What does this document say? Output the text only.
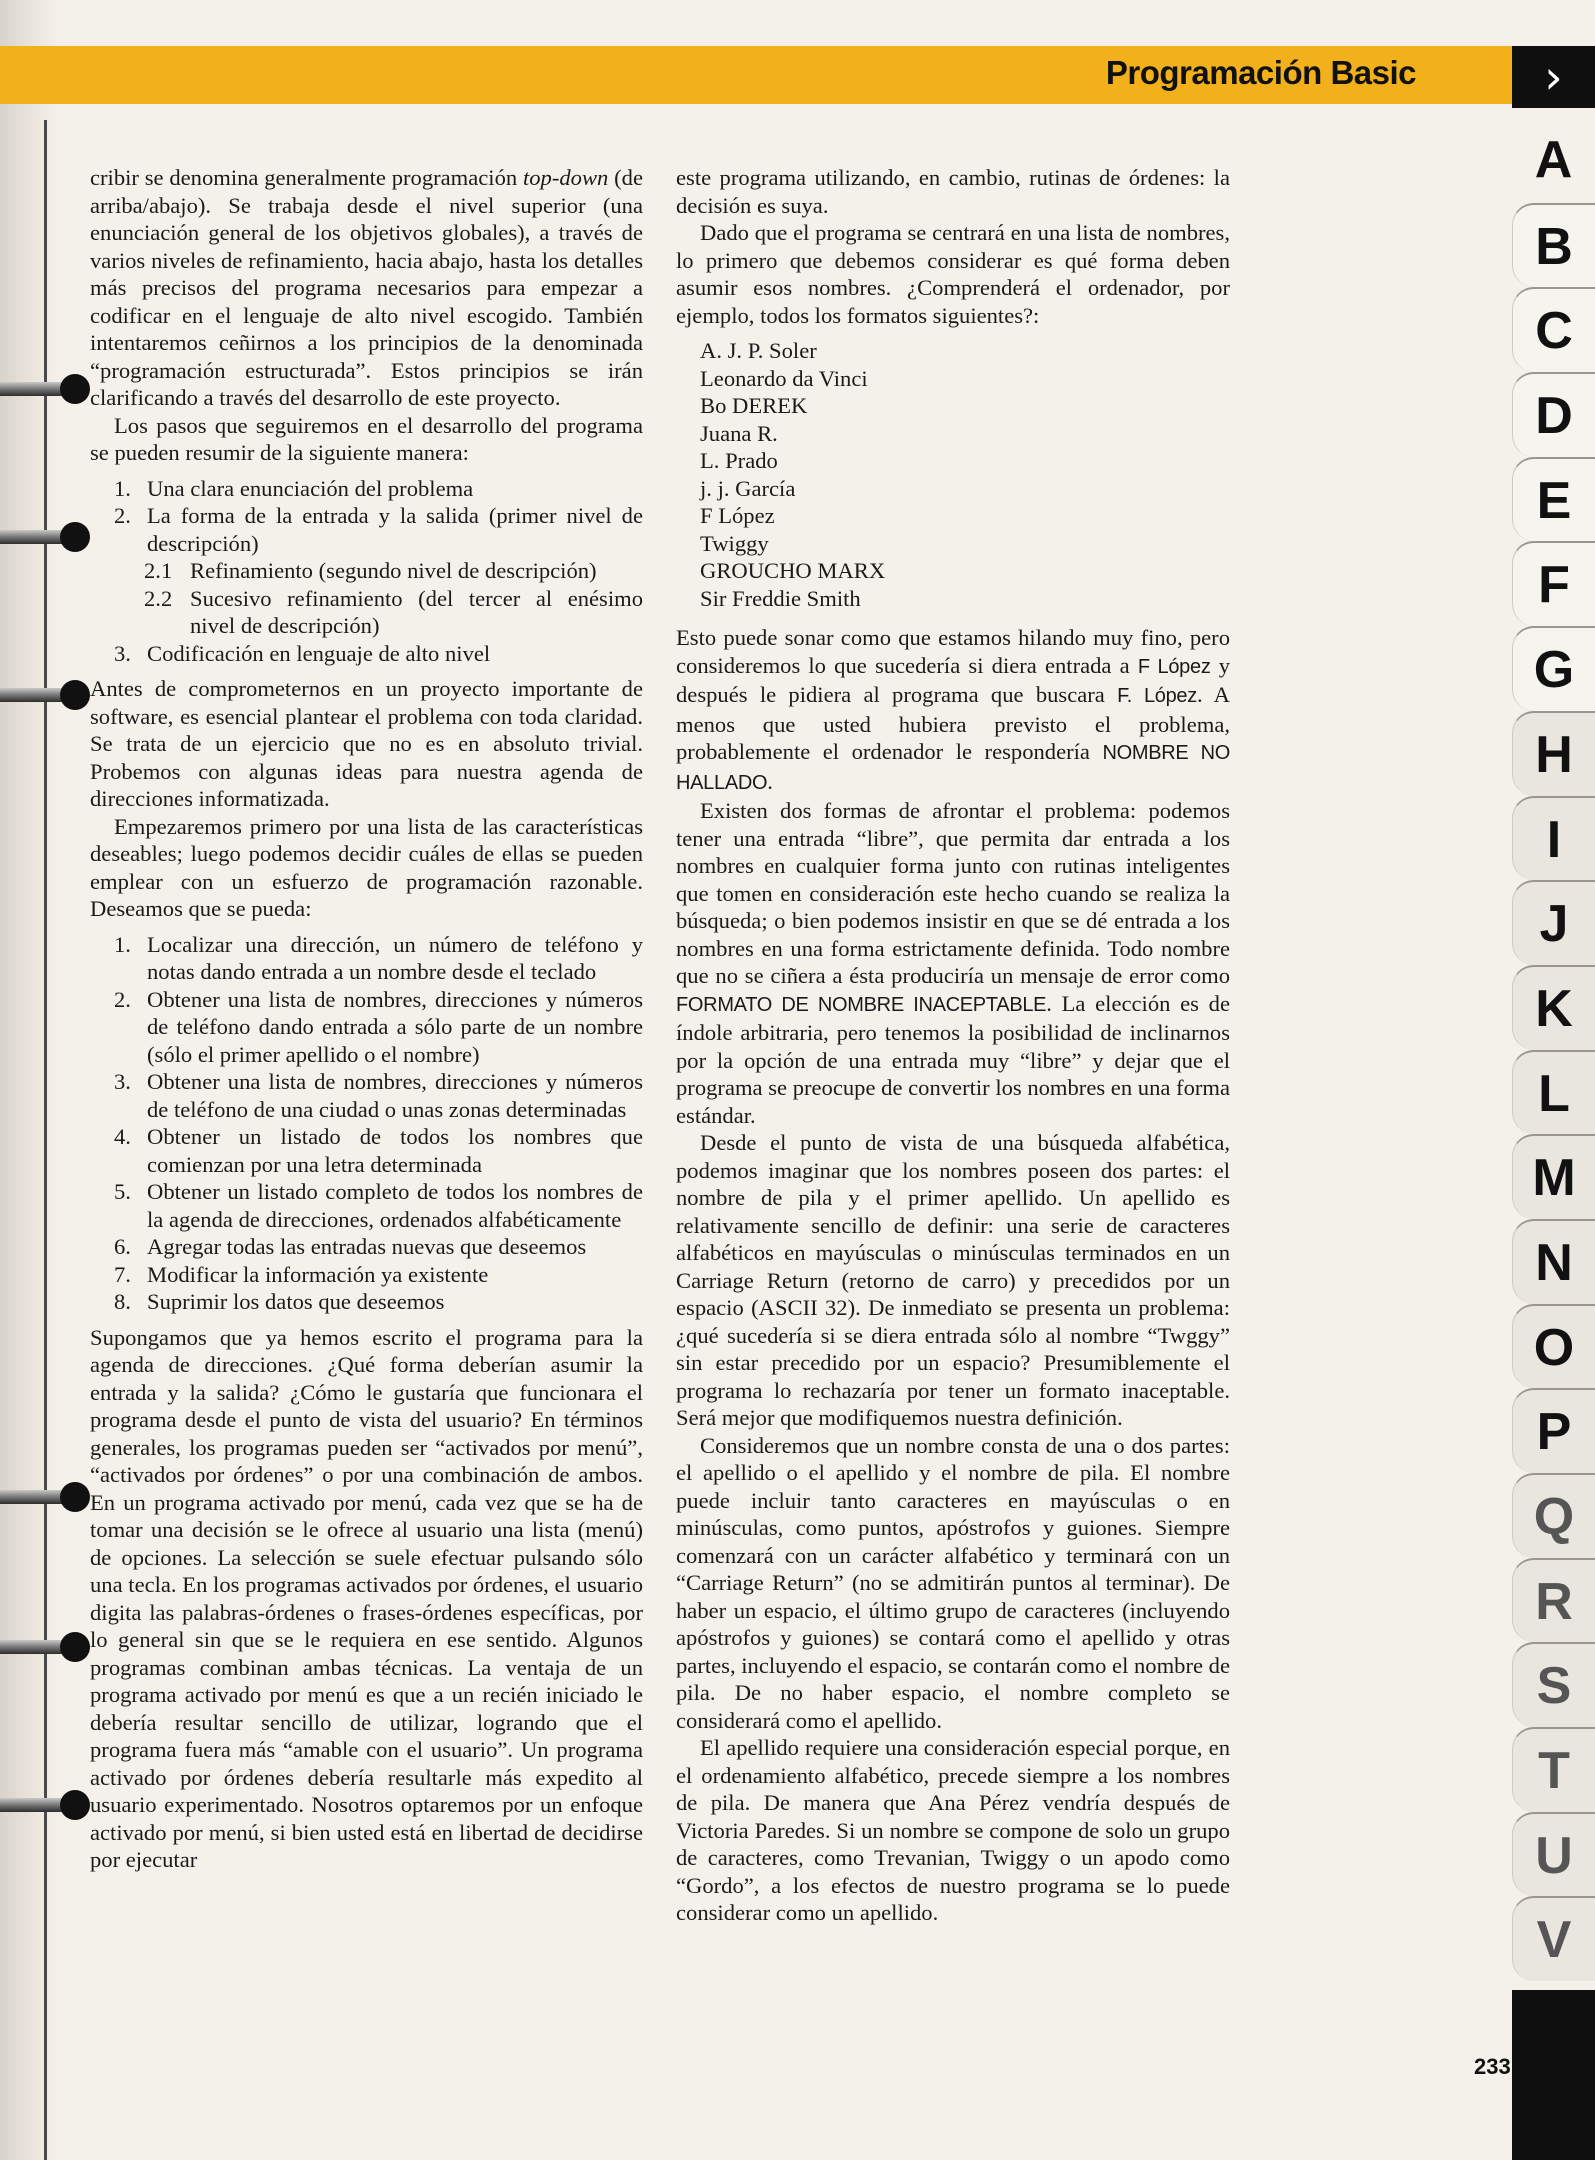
Programación Basic	›
A
B
C
D
E
F
G
H
I
J
K
L
M
N
O
P
Q
R
S
T
U
V
233

cribir se denomina generalmente programación top-down (de arriba/abajo). Se trabaja desde el nivel superior (una enunciación general de los objetivos globales), a través de varios niveles de refinamiento, hacia abajo, hasta los detalles más precisos del programa necesarios para empezar a codificar en el lenguaje de alto nivel escogido. También intentaremos ceñirnos a los principios de la denominada “programación estructurada”. Estos principios se irán clarificando a través del desarrollo de este proyecto.

Los pasos que seguiremos en el desarrollo del programa se pueden resumir de la siguiente manera:

1. Una clara enunciación del problema
2. La forma de la entrada y la salida (primer nivel de descripción)
2.1 Refinamiento (segundo nivel de descripción)
2.2 Sucesivo refinamiento (del tercer al enésimo nivel de descripción)
3. Codificación en lenguaje de alto nivel

Antes de comprometernos en un proyecto importante de software, es esencial plantear el problema con toda claridad. Se trata de un ejercicio que no es en absoluto trivial. Probemos con algunas ideas para nuestra agenda de direcciones informatizada.

Empezaremos primero por una lista de las características deseables; luego podemos decidir cuáles de ellas se pueden emplear con un esfuerzo de programación razonable. Deseamos que se pueda:

1. Localizar una dirección, un número de teléfono y notas dando entrada a un nombre desde el teclado
2. Obtener una lista de nombres, direcciones y números de teléfono dando entrada a sólo parte de un nombre (sólo el primer apellido o el nombre)
3. Obtener una lista de nombres, direcciones y números de teléfono de una ciudad o unas zonas determinadas
4. Obtener un listado de todos los nombres que comienzan por una letra determinada
5. Obtener un listado completo de todos los nombres de la agenda de direcciones, ordenados alfabéticamente
6. Agregar todas las entradas nuevas que deseemos
7. Modificar la información ya existente
8. Suprimir los datos que deseemos

Supongamos que ya hemos escrito el programa para la agenda de direcciones. ¿Qué forma deberían asumir la entrada y la salida? ¿Cómo le gustaría que funcionara el programa desde el punto de vista del usuario? En términos generales, los programas pueden ser “activados por menú”, “activados por órdenes” o por una combinación de ambos. En un programa activado por menú, cada vez que se ha de tomar una decisión se le ofrece al usuario una lista (menú) de opciones. La selección se suele efectuar pulsando sólo una tecla. En los programas activados por órdenes, el usuario digita las palabras-órdenes o frases-órdenes específicas, por lo general sin que se le requiera en ese sentido. Algunos programas combinan ambas técnicas. La ventaja de un programa activado por menú es que a un recién iniciado le debería resultar sencillo de utilizar, logrando que el programa fuera más “amable con el usuario”. Un programa activado por órdenes debería resultarle más expedito al usuario experimentado. Nosotros optaremos por un enfoque activado por menú, si bien usted está en libertad de decidirse por ejecutar

este programa utilizando, en cambio, rutinas de órdenes: la decisión es suya.

Dado que el programa se centrará en una lista de nombres, lo primero que debemos considerar es qué forma deben asumir esos nombres. ¿Comprenderá el ordenador, por ejemplo, todos los formatos siguientes?:

A. J. P. Soler
Leonardo da Vinci
Bo DEREK
Juana R.
L. Prado
j. j. García
F López
Twiggy
GROUCHO MARX
Sir Freddie Smith

Esto puede sonar como que estamos hilando muy fino, pero consideremos lo que sucedería si diera entrada a F López y después le pidiera al programa que buscara F. López. A menos que usted hubiera previsto el problema, probablemente el ordenador le respondería NOMBRE NO HALLADO.

Existen dos formas de afrontar el problema: podemos tener una entrada “libre”, que permita dar entrada a los nombres en cualquier forma junto con rutinas inteligentes que tomen en consideración este hecho cuando se realiza la búsqueda; o bien podemos insistir en que se dé entrada a los nombres en una forma estrictamente definida. Todo nombre que no se ciñera a ésta produciría un mensaje de error como FORMATO DE NOMBRE INACEPTABLE. La elección es de índole arbitraria, pero tenemos la posibilidad de inclinarnos por la opción de una entrada muy “libre” y dejar que el programa se preocupe de convertir los nombres en una forma estándar.

Desde el punto de vista de una búsqueda alfabética, podemos imaginar que los nombres poseen dos partes: el nombre de pila y el primer apellido. Un apellido es relativamente sencillo de definir: una serie de caracteres alfabéticos en mayúsculas o minúsculas terminados en un Carriage Return (retorno de carro) y precedidos por un espacio (ASCII 32). De inmediato se presenta un problema: ¿qué sucedería si se diera entrada sólo al nombre “Twggy” sin estar precedido por un espacio? Presumiblemente el programa lo rechazaría por tener un formato inaceptable. Será mejor que modifiquemos nuestra definición.

Consideremos que un nombre consta de una o dos partes: el apellido o el apellido y el nombre de pila. El nombre puede incluir tanto caracteres en mayúsculas o en minúsculas, como puntos, apóstrofos y guiones. Siempre comenzará con un carácter alfabético y terminará con un “Carriage Return” (no se admitirán puntos al terminar). De haber un espacio, el último grupo de caracteres (incluyendo apóstrofos y guiones) se contará como el apellido y otras partes, incluyendo el espacio, se contarán como el nombre de pila. De no haber espacio, el nombre completo se considerará como el apellido.

El apellido requiere una consideración especial porque, en el ordenamiento alfabético, precede siempre a los nombres de pila. De manera que Ana Pérez vendría después de Victoria Paredes. Si un nombre se compone de solo un grupo de caracteres, como Trevanian, Twiggy o un apodo como “Gordo”, a los efectos de nuestro programa se lo puede considerar como un apellido.
